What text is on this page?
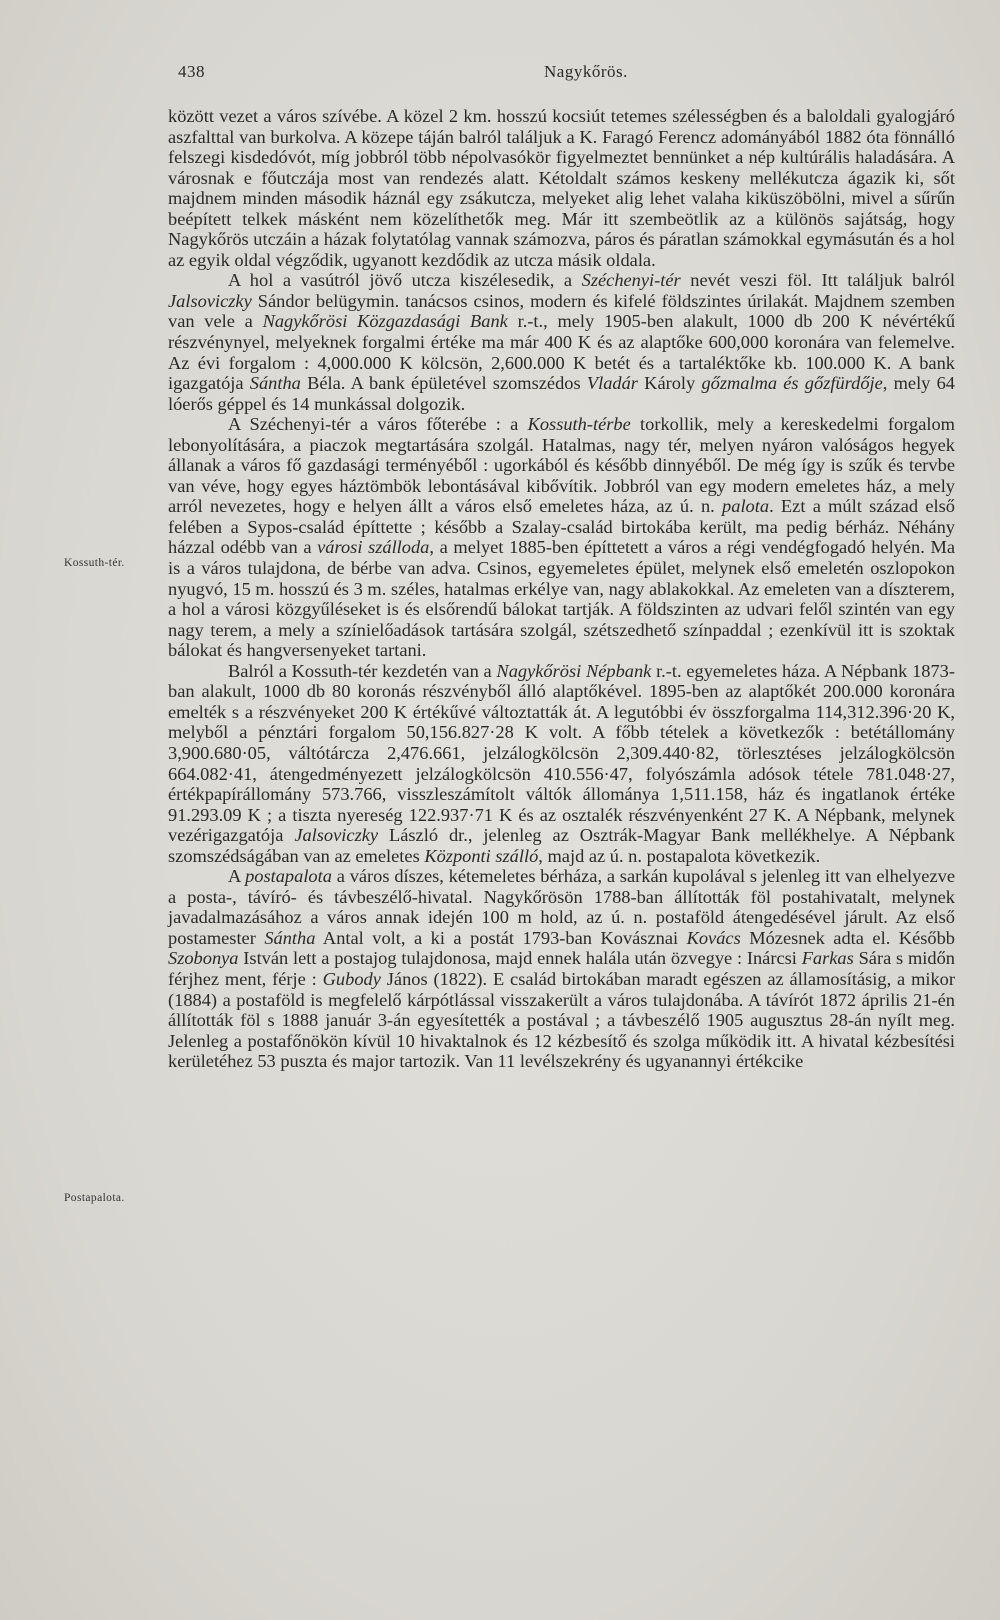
438	Nagykőrös.
Kossuth-tér.
Postapalota.

között vezet a város szívébe. A közel 2 km. hosszú kocsiút tetemes szélességben és a baloldali gyalogjáró aszfalttal van burkolva. A közepe táján balról találjuk a K. Faragó Ferencz adományából 1882 óta fönnálló felszegi kisdedóvót, míg jobbról több népolvasókör figyelmeztet bennünket a nép kultúrális haladására. A városnak e főutczája most van rendezés alatt. Kétoldalt számos keskeny mellékutcza ágazik ki, sőt majdnem minden második háznál egy zsákutcza, melyeket alig lehet valaha kiküszöbölni, mivel a sűrűn beépített telkek másként nem közelíthetők meg. Már itt szembeötlik az a különös sajátság, hogy Nagykőrös utczáin a házak folytatólag vannak számozva, páros és páratlan számokkal egymásután és a hol az egyik oldal végződik, ugyanott kezdődik az utcza másik oldala.

A hol a vasútról jövő utcza kiszélesedik, a Széchenyi-tér nevét veszi föl. Itt találjuk balról Jalsoviczky Sándor belügymin. tanácsos csinos, modern és kifelé földszintes úrilakát. Majdnem szemben van vele a Nagykőrösi Közgazdasági Bank r.-t., mely 1905-ben alakult, 1000 db 200 K névértékű részvénynyel, melyeknek forgalmi értéke ma már 400 K és az alaptőke 600,000 koronára van felemelve. Az évi forgalom : 4,000.000 K kölcsön, 2,600.000 K betét és a tartaléktőke kb. 100.000 K. A bank igazgatója Sántha Béla. A bank épületével szomszédos Vladár Károly gőzmalma és gőzfürdője, mely 64 lóerős géppel és 14 munkással dolgozik.

A Széchenyi-tér a város főterébe : a Kossuth-térbe torkollik, mely a kereskedelmi forgalom lebonyolítására, a piaczok megtartására szolgál. Hatalmas, nagy tér, melyen nyáron valóságos hegyek állanak a város fő gazdasági terményéből : ugorkából és később dinnyéből. De még így is szűk és tervbe van véve, hogy egyes háztömbök lebontásával kibővítik. Jobbról van egy modern emeletes ház, a mely arról nevezetes, hogy e helyen állt a város első emeletes háza, az ú. n. palota. Ezt a múlt század első felében a Sypos-család építtette ; később a Szalay-család birtokába került, ma pedig bérház. Néhány házzal odébb van a városi szálloda, a melyet 1885-ben építtetett a város a régi vendégfogadó helyén. Ma is a város tulajdona, de bérbe van adva. Csinos, egyemeletes épület, melynek első emeletén oszlopokon nyugvó, 15 m. hosszú és 3 m. széles, hatalmas erkélye van, nagy ablakokkal. Az emeleten van a díszterem, a hol a városi közgyűléseket is és elsőrendű bálokat tartják. A földszinten az udvari felől szintén van egy nagy terem, a mely a színielőadások tartására szolgál, szétszedhető színpaddal ; ezenkívül itt is szoktak bálokat és hangversenyeket tartani.

Balról a Kossuth-tér kezdetén van a Nagykőrösi Népbank r.-t. egyemeletes háza. A Népbank 1873-ban alakult, 1000 db 80 koronás részvényből álló alaptőkével. 1895-ben az alaptőkét 200.000 koronára emelték s a részvényeket 200 K értékűvé változtatták át. A legutóbbi év összforgalma 114,312.396·20 K, melyből a pénztári forgalom 50,156.827·28 K volt. A főbb tételek a következők : betétállomány 3,900.680·05, váltótárcza 2,476.661, jelzálogkölcsön 2,309.440·82, törlesztéses jelzálogkölcsön 664.082·41, átengedményezett jelzálogkölcsön 410.556·47, folyószámla adósok tétele 781.048·27, értékpapírállomány 573.766, visszleszámítolt váltók állománya 1,511.158, ház és ingatlanok értéke 91.293.09 K ; a tiszta nyereség 122.937·71 K és az osztalék részvényenként 27 K. A Népbank, melynek vezérigazgatója Jalsoviczky László dr., jelenleg az Osztrák-Magyar Bank mellékhelye. A Népbank szomszédságában van az emeletes Központi szálló, majd az ú. n. postapalota következik.

A postapalota a város díszes, kétemeletes bérháza, a sarkán kupolával s jelenleg itt van elhelyezve a posta-, távíró- és távbeszélő-hivatal. Nagykőrösön 1788-ban állították föl postahivatalt, melynek javadalmazásához a város annak idején 100 m hold, az ú. n. postaföld átengedésével járult. Az első postamester Sántha Antal volt, a ki a postát 1793-ban Kovásznai Kovács Mózesnek adta el. Később Szobonya István lett a postajog tulajdonosa, majd ennek halála után özvegye : Inárcsi Farkas Sára s midőn férjhez ment, férje : Gubody János (1822). E család birtokában maradt egészen az államosításig, a mikor (1884) a postaföld is megfelelő kárpótlással visszakerült a város tulajdonába. A távírót 1872 április 21-én állították föl s 1888 január 3-án egyesítették a postával ; a távbeszélő 1905 augusztus 28-án nyílt meg. Jelenleg a postafőnökön kívül 10 hivaktalnok és 12 kézbesítő és szolga működik itt. A hivatal kézbesítési kerületéhez 53 puszta és major tartozik. Van 11 levélszekrény és ugyanannyi értékcike
